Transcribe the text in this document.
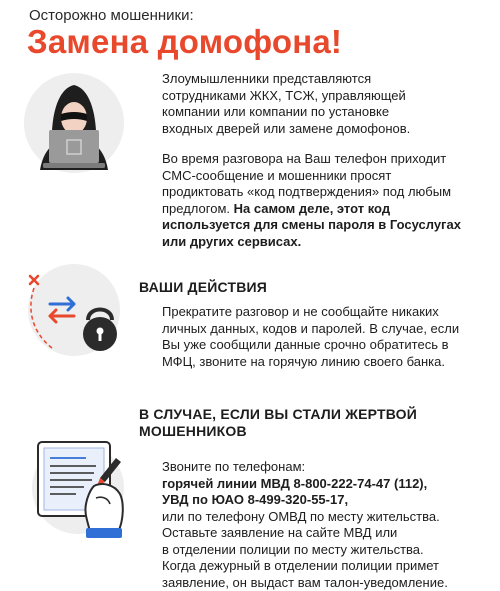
Осторожно мошенники:
Замена домофона!
Злоумышленники представляются
сотрудниками ЖКХ, ТСЖ, управляющей
компании или компании по установке
входных дверей или замене домофонов.
Во время разговора на Ваш телефон приходит
СМС-сообщение и мошенники просят
продиктовать «код подтверждения» под любым
предлогом. На самом деле, этот код
используется для смены пароля в Госуслугах
или других сервисах.
ВАШИ ДЕЙСТВИЯ
Прекратите разговор и не сообщайте никаких
личных данных, кодов и паролей. В случае, если
Вы уже сообщили данные срочно обратитесь в
МФЦ, звоните на горячую линию своего банка.
В СЛУЧАЕ, ЕСЛИ ВЫ СТАЛИ ЖЕРТВОЙ
МОШЕННИКОВ
Звоните по телефонам:
горячей линии МВД 8-800-222-74-47 (112),
УВД по ЮАО 8-499-320-55-17,
или по телефону ОМВД по месту жительства.
Оставьте заявление на сайте МВД или
в отделении полиции по месту жительства.
Когда дежурный в отделении полиции примет
заявление, он выдаст вам талон-уведомление.
